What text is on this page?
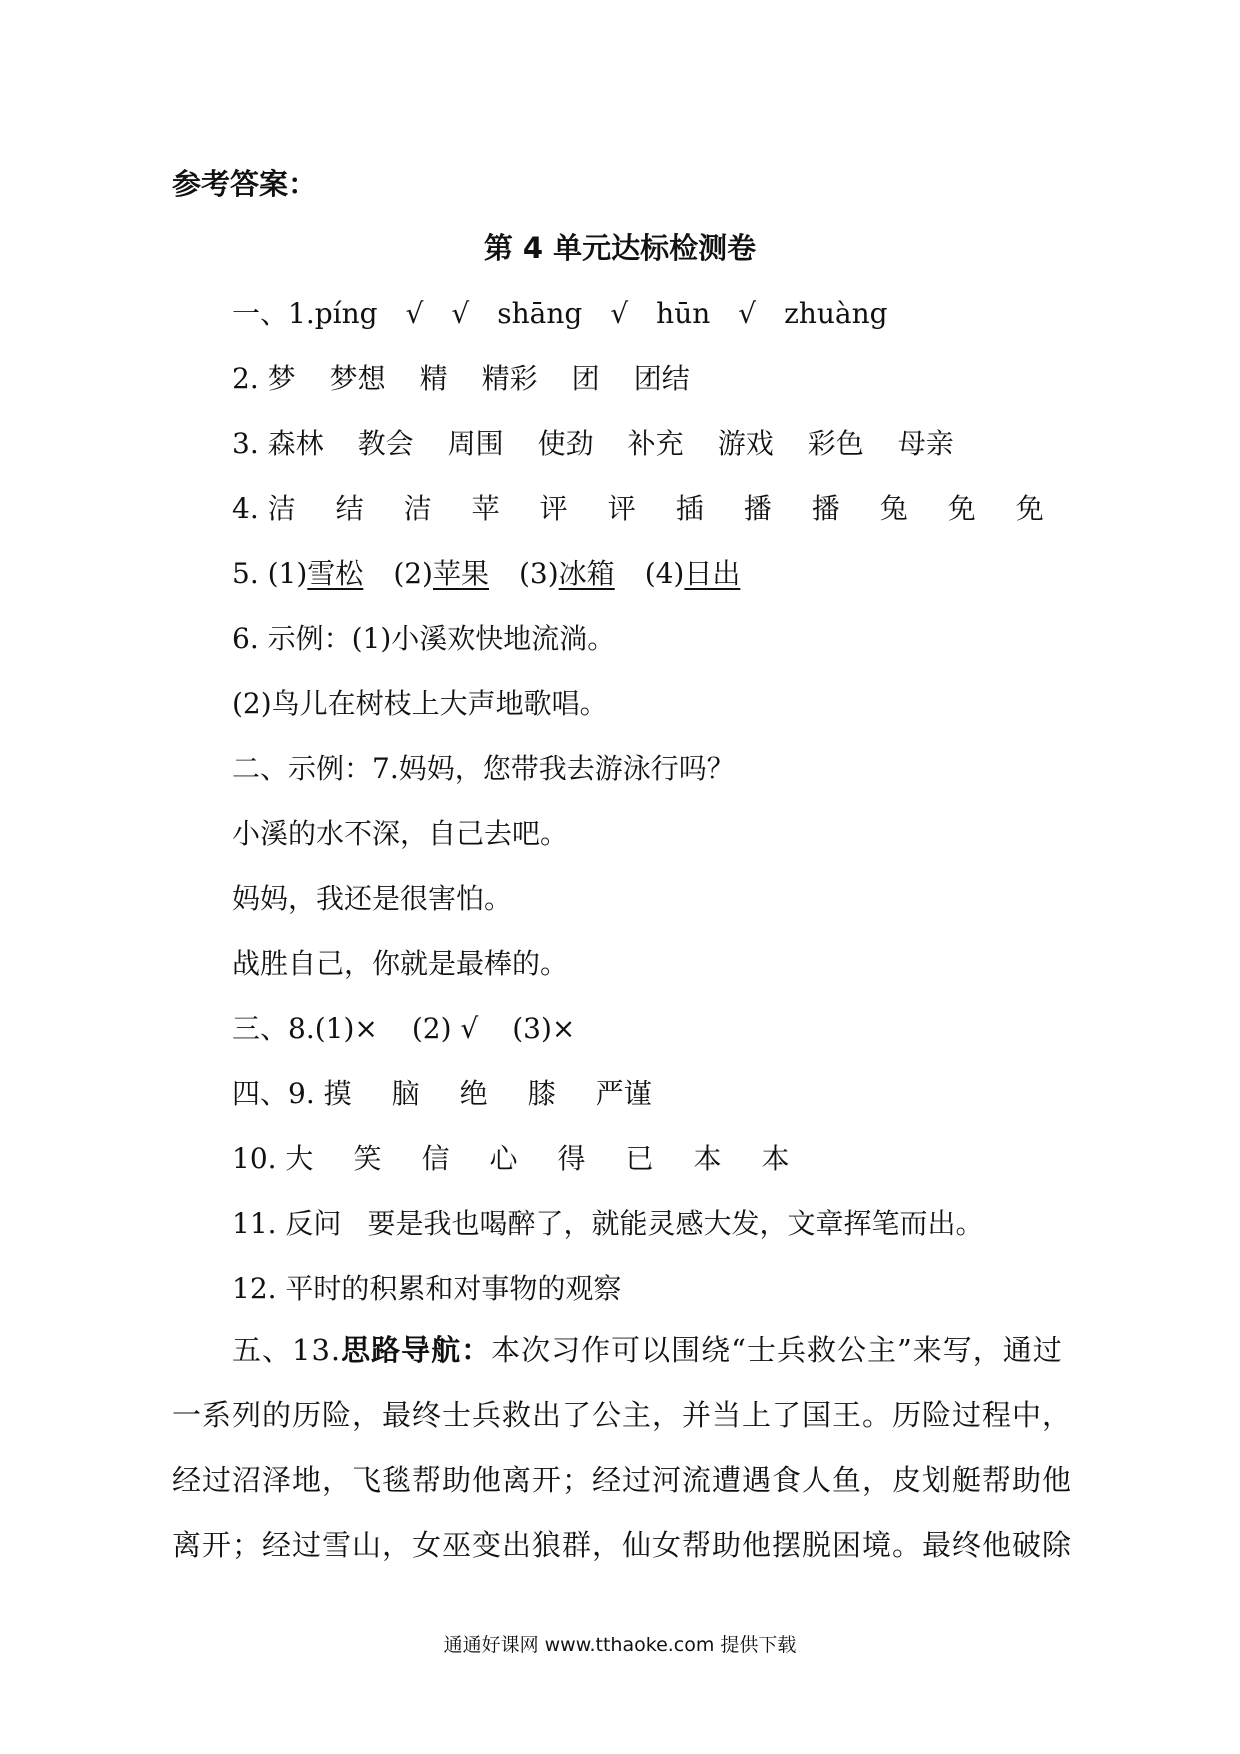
参考答案：
第 4 单元达标检测卷
一、1.píng √ √ shāng √ hūn √ zhuàng
2. 梦 梦想 精 精彩 团 团结
3. 森林 教会 周围 使劲 补充 游戏 彩色 母亲
4. 洁 结 洁 苹 评 评 插 播 播 兔 免 免
5. (1)雪松 (2)苹果 (3)冰箱 (4)日出
6. 示例：(1)小溪欢快地流淌。
(2)鸟儿在树枝上大声地歌唱。
二、示例：7.妈妈，您带我去游泳行吗？
小溪的水不深，自己去吧。
妈妈，我还是很害怕。
战胜自己，你就是最棒的。
三、8.(1)× (2) √ (3)×
四、9. 摸 脑 绝 膝 严谨
10. 大 笑 信 心 得 已 本 本
11. 反问 要是我也喝醉了，就能灵感大发，文章挥笔而出。
12. 平时的积累和对事物的观察
五、13.思路导航：本次习作可以围绕“士兵救公主”来写，通过一系列的历险，最终士兵救出了公主，并当上了国王。历险过程中，经过沼泽地，飞毯帮助他离开；经过河流遭遇食人鱼，皮划艇帮助他离开；经过雪山，女巫变出狼群，仙女帮助他摆脱困境。最终他破除
通通好课网 www.tthaoke.com 提供下载
